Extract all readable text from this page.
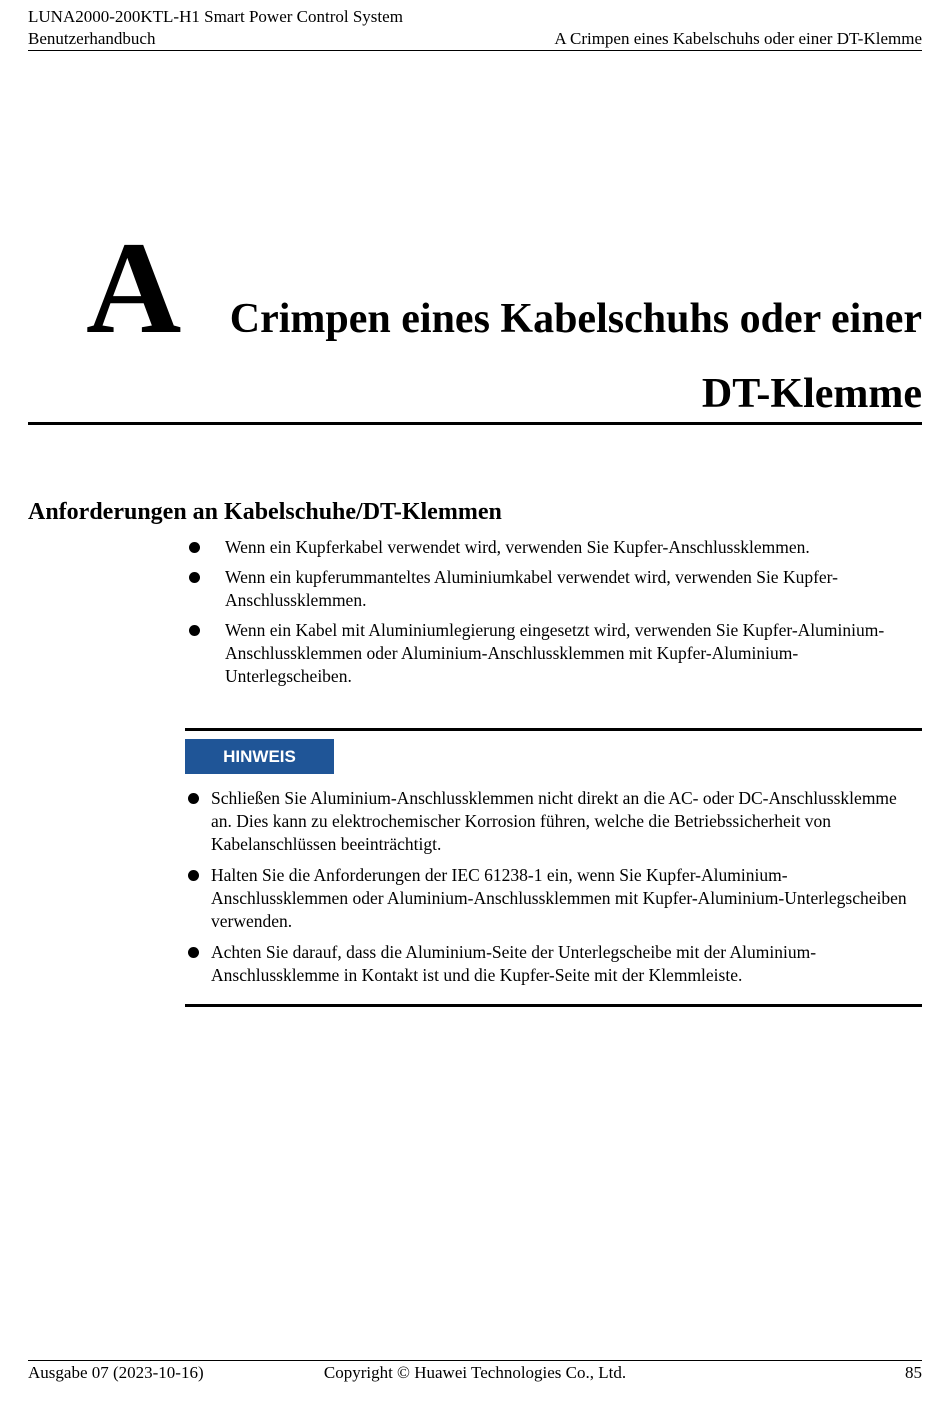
LUNA2000-200KTL-H1 Smart Power Control System
Benutzerhandbuch	A Crimpen eines Kabelschuhs oder einer DT-Klemme
A Crimpen eines Kabelschuhs oder einer
DT-Klemme
Anforderungen an Kabelschuhe/DT-Klemmen
Wenn ein Kupferkabel verwendet wird, verwenden Sie Kupfer-Anschlussklemmen.
Wenn ein kupferummanteltes Aluminiumkabel verwendet wird, verwenden Sie Kupfer-Anschlussklemmen.
Wenn ein Kabel mit Aluminiumlegierung eingesetzt wird, verwenden Sie Kupfer-Aluminium-Anschlussklemmen oder Aluminium-Anschlussklemmen mit Kupfer-Aluminium-Unterlegscheiben.
HINWEIS
Schließen Sie Aluminium-Anschlussklemmen nicht direkt an die AC- oder DC-Anschlussklemme an. Dies kann zu elektrochemischer Korrosion führen, welche die Betriebssicherheit von Kabelanschlüssen beeinträchtigt.
Halten Sie die Anforderungen der IEC 61238-1 ein, wenn Sie Kupfer-Aluminium-Anschlussklemmen oder Aluminium-Anschlussklemmen mit Kupfer-Aluminium-Unterlegscheiben verwenden.
Achten Sie darauf, dass die Aluminium-Seite der Unterlegscheibe mit der Aluminium-Anschlussklemme in Kontakt ist und die Kupfer-Seite mit der Klemmleiste.
Ausgabe 07 (2023-10-16)	Copyright © Huawei Technologies Co., Ltd.	85
